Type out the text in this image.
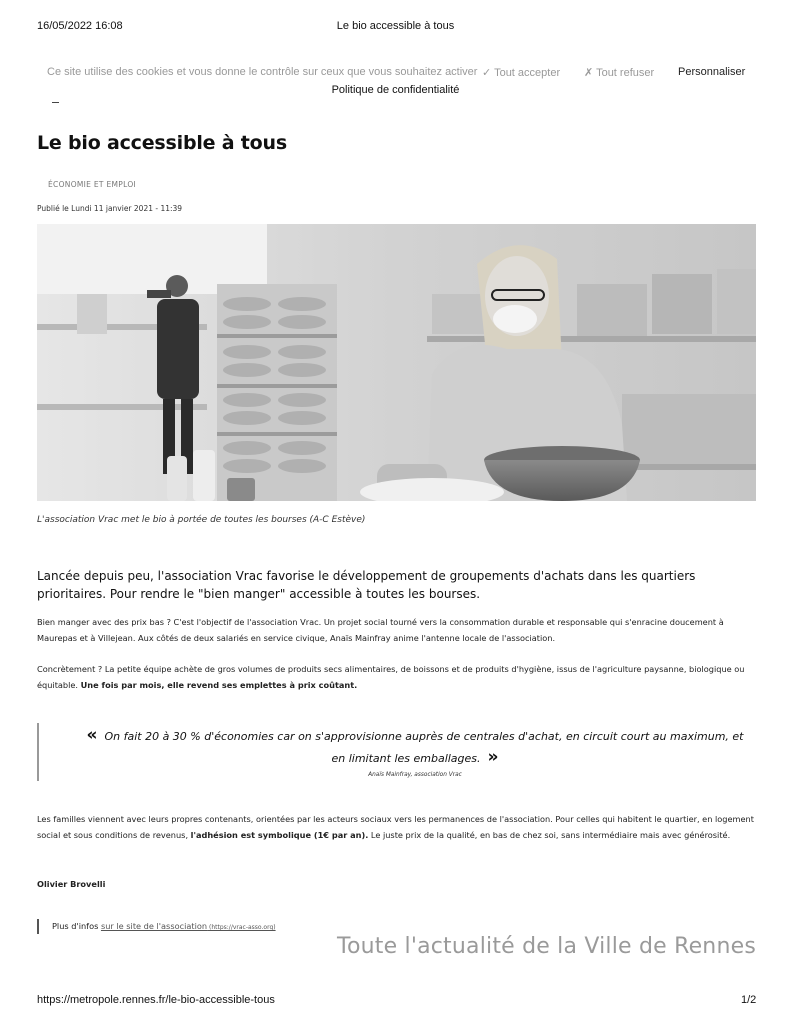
16/05/2022 16:08	Le bio accessible à tous
Ce site utilise des cookies et vous donne le contrôle sur ceux que vous souhaitez activer ✓ Tout accepter ✗ Tout refuser Personnaliser
Politique de confidentialité
Le bio accessible à tous
ÉCONOMIE ET EMPLOI
Publié le Lundi 11 janvier 2021 - 11:39
L'association Vrac met le bio à portée de toutes les bourses (A-C Estève)
Lancée depuis peu, l'association Vrac favorise le développement de groupements d'achats dans les quartiers prioritaires. Pour rendre le "bien manger" accessible à toutes les bourses.
Bien manger avec des prix bas ? C'est l'objectif de l'association Vrac. Un projet social tourné vers la consommation durable et responsable qui s'enracine doucement à Maurepas et à Villejean. Aux côtés de deux salariés en service civique, Anaïs Mainfray anime l'antenne locale de l'association.
Concrètement ? La petite équipe achète de gros volumes de produits secs alimentaires, de boissons et de produits d'hygiène, issus de l'agriculture paysanne, biologique ou équitable. Une fois par mois, elle revend ses emplettes à prix coûtant.
« On fait 20 à 30 % d'économies car on s'approvisionne auprès de centrales d'achat, en circuit court au maximum, et en limitant les emballages. »
Anaïs Mainfray, association Vrac
Les familles viennent avec leurs propres contenants, orientées par les acteurs sociaux vers les permanences de l'association. Pour celles qui habitent le quartier, en logement social et sous conditions de revenus, l'adhésion est symbolique (1€ par an). Le juste prix de la qualité, en bas de chez soi, sans intermédiaire mais avec générosité.
Olivier Brovelli
Plus d'infos sur le site de l'association (https://vrac-asso.org)
Toute l'actualité de la Ville de Rennes
https://metropole.rennes.fr/le-bio-accessible-tous	1/2
